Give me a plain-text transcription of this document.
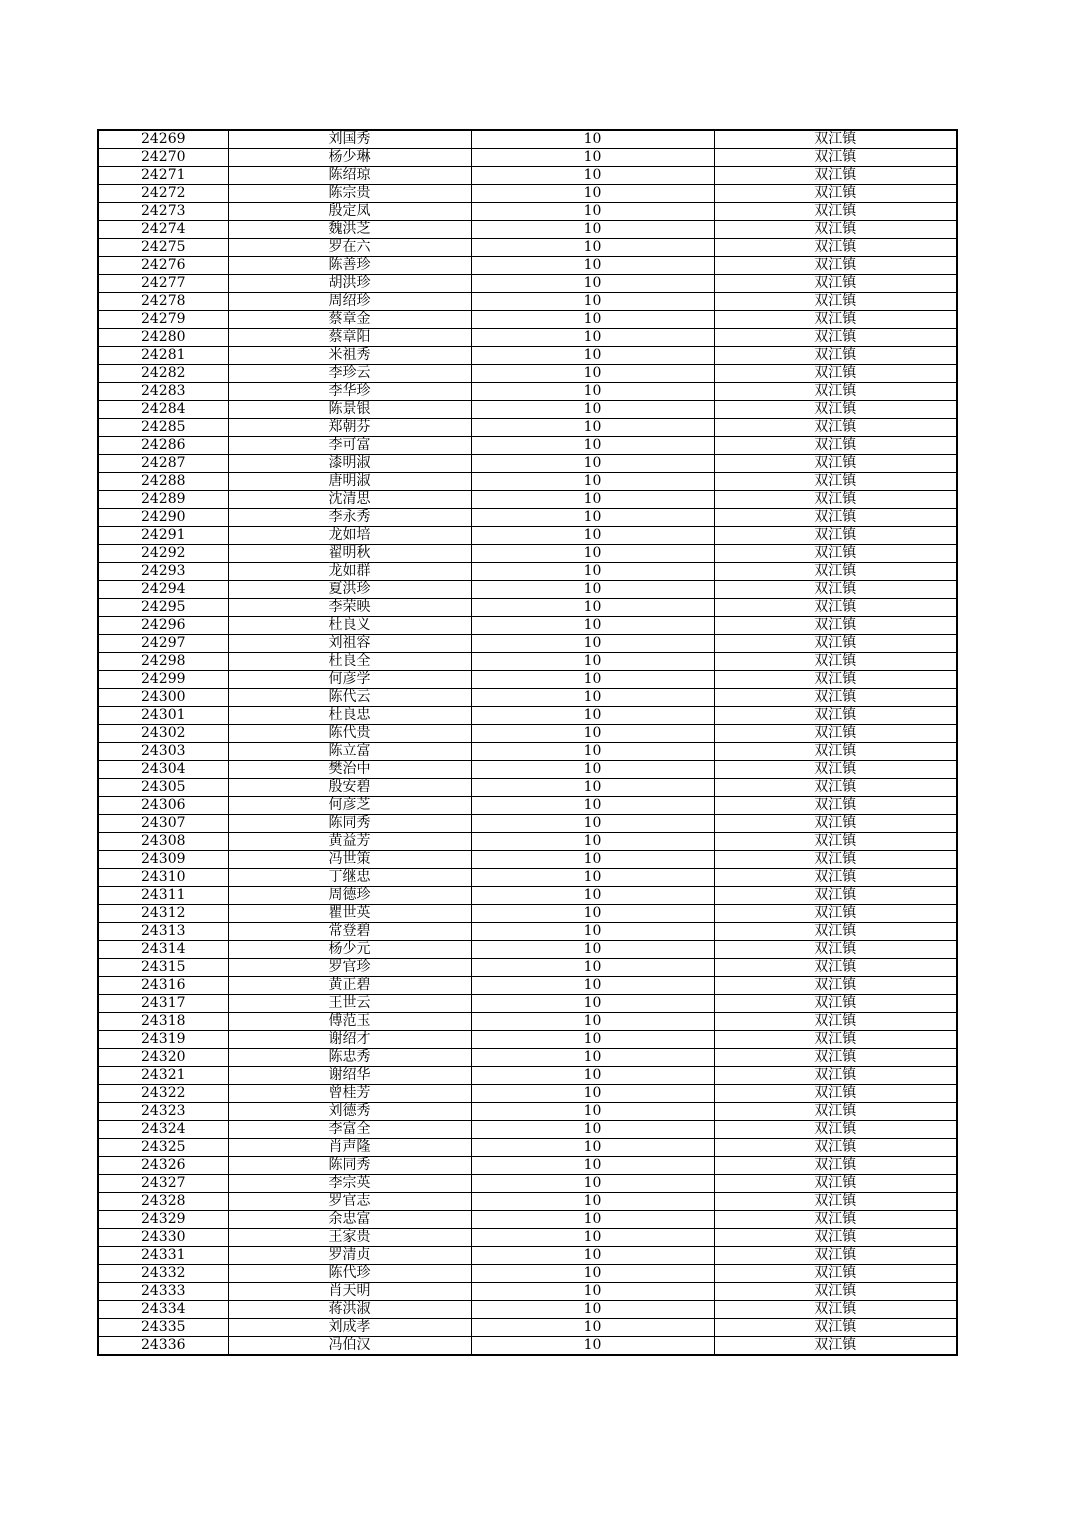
24269	刘国秀	10	双江镇
24270	杨少琳	10	双江镇
24271	陈绍琼	10	双江镇
24272	陈宗贵	10	双江镇
24273	殷定凤	10	双江镇
24274	魏洪芝	10	双江镇
24275	罗在六	10	双江镇
24276	陈善珍	10	双江镇
24277	胡洪珍	10	双江镇
24278	周绍珍	10	双江镇
24279	蔡章金	10	双江镇
24280	蔡章阳	10	双江镇
24281	米祖秀	10	双江镇
24282	李珍云	10	双江镇
24283	李华珍	10	双江镇
24284	陈景银	10	双江镇
24285	郑朝芬	10	双江镇
24286	李可富	10	双江镇
24287	漆明淑	10	双江镇
24288	唐明淑	10	双江镇
24289	沈清思	10	双江镇
24290	李永秀	10	双江镇
24291	龙如培	10	双江镇
24292	翟明秋	10	双江镇
24293	龙如群	10	双江镇
24294	夏洪珍	10	双江镇
24295	李荣映	10	双江镇
24296	杜良义	10	双江镇
24297	刘祖容	10	双江镇
24298	杜良全	10	双江镇
24299	何彦学	10	双江镇
24300	陈代云	10	双江镇
24301	杜良忠	10	双江镇
24302	陈代贵	10	双江镇
24303	陈立富	10	双江镇
24304	樊治中	10	双江镇
24305	殷安碧	10	双江镇
24306	何彦芝	10	双江镇
24307	陈同秀	10	双江镇
24308	黄益芳	10	双江镇
24309	冯世策	10	双江镇
24310	丁继忠	10	双江镇
24311	周德珍	10	双江镇
24312	瞿世英	10	双江镇
24313	常登碧	10	双江镇
24314	杨少元	10	双江镇
24315	罗官珍	10	双江镇
24316	黄正碧	10	双江镇
24317	王世云	10	双江镇
24318	傅范玉	10	双江镇
24319	谢绍才	10	双江镇
24320	陈忠秀	10	双江镇
24321	谢绍华	10	双江镇
24322	曾桂芳	10	双江镇
24323	刘德秀	10	双江镇
24324	李富全	10	双江镇
24325	肖声隆	10	双江镇
24326	陈同秀	10	双江镇
24327	李宗英	10	双江镇
24328	罗官志	10	双江镇
24329	余忠富	10	双江镇
24330	王家贵	10	双江镇
24331	罗清贞	10	双江镇
24332	陈代珍	10	双江镇
24333	肖天明	10	双江镇
24334	蒋洪淑	10	双江镇
24335	刘成孝	10	双江镇
24336	冯伯汉	10	双江镇
